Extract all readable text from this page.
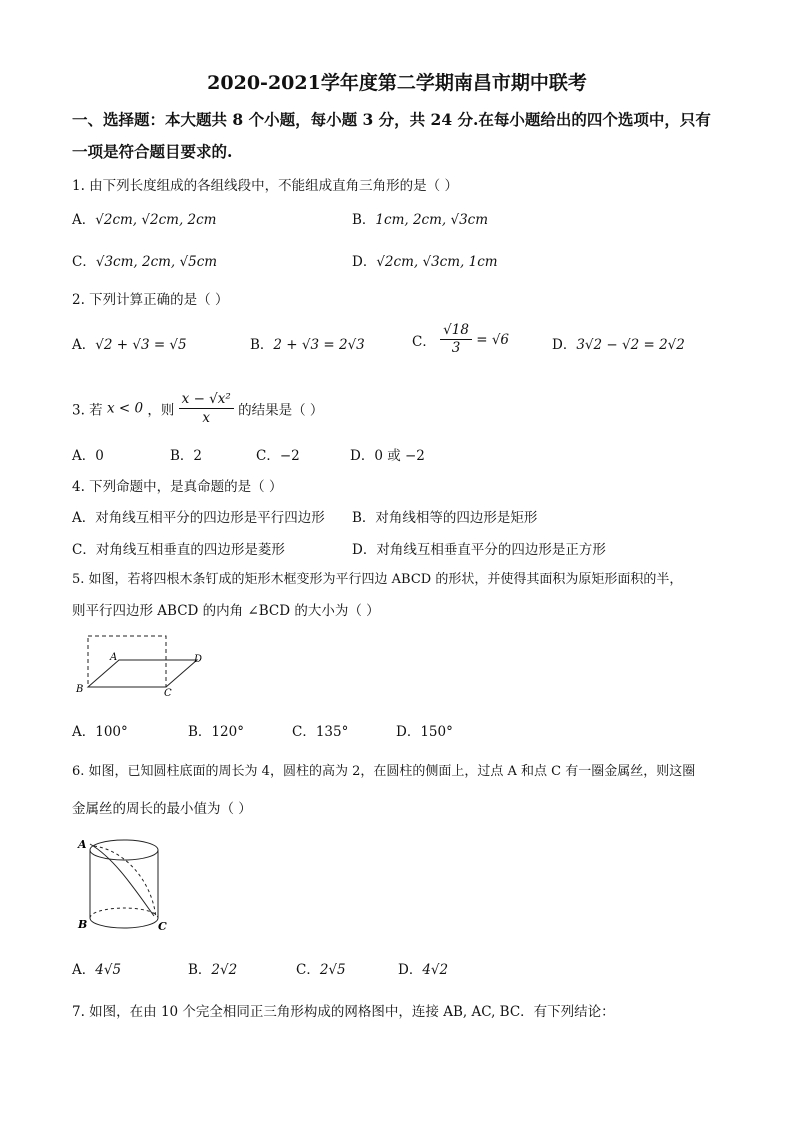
2020-2021学年度第二学期南昌市期中联考
一、选择题：本大题共 8 个小题，每小题 3 分，共 24 分.在每小题给出的四个选项中，只有
一项是符合题目要求的.
1. 由下列长度组成的各组线段中，不能组成直角三角形的是（ ）
A．√2cm, √2cm, 2cm	B．1cm, 2cm, √3cm
C．√3cm, 2cm, √5cm	D．√2cm, √3cm, 1cm
2. 下列计算正确的是（ ）
A．√2 + √3 = √5	B．2 + √3 = 2√3	C． $\frac{√18}{3} = √6$	D．3√2 − √2 = 2√2
3. 若 x < 0 ，则 $\frac{\text{x − √x²}}{x}$ 的结果是（ ）
A．0	B．2	C．−2	D．0 或 −2
4. 下列命题中，是真命题的是（ ）
A．对角线互相平分的四边形是平行四边形 B．对角线相等的四边形是矩形
C．对角线互相垂直的四边形是菱形	D．对角线互相垂直平分的四边形是正方形
5. 如图，若将四根木条钉成的矩形木框变形为平行四边 ABCD 的形状，并使得其面积为原矩形面积的半，
则平行四边形 ABCD 的内角 ∠BCD 的大小为（ ）
A
B	C
D
A．100°	B．120°	C．135°	D．150°
6. 如图，已知圆柱底面的周长为 4，圆柱的高为 2，在圆柱的侧面上，过点 A 和点 C 有一圈金属丝，则这圈
金属丝的周长的最小值为（ ）
A
B	C
A．4√5	B．2√2	C．2√5	D．4√2
7. 如图，在由 10 个完全相同正三角形构成的网格图中，连接 AB, AC, BC．有下列结论：
